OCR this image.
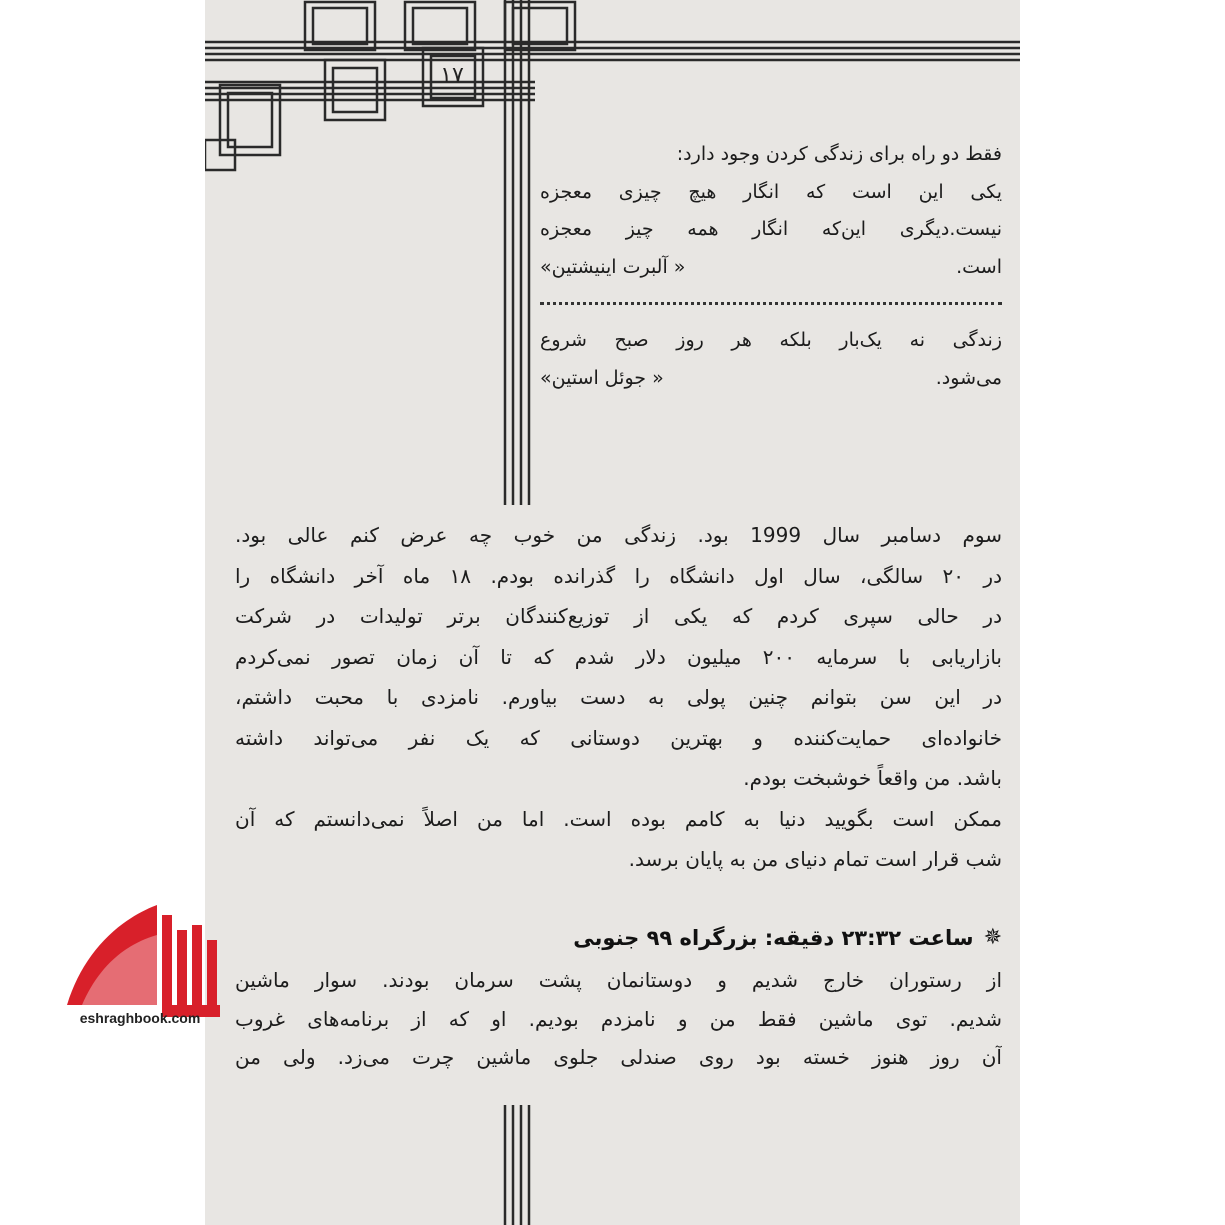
۱۷
فقط دو راه برای زندگی کردن وجود دارد:
یکی این است که انگار هیچ چیزی معجزه
نیست.دیگری این‌که انگار همه چیز معجزه
است.
« آلبرت اینیشتین»
زندگی نه یک‌بار بلکه هر روز صبح شروع
می‌شود.
« جوئل استین»
سوم دسامبر سال 1999 بود. زندگی من خوب چه عرض کنم عالی بود.
در ۲۰ سالگی، سال اول دانشگاه را گذرانده بودم. ۱۸ ماه آخر دانشگاه را
در حالی سپری کردم که یکی از توزیع‌کنندگان برتر تولیدات در شرکت
بازاریابی با سرمایه ۲۰۰ میلیون دلار شدم که تا آن زمان تصور نمی‌کردم
در این سن بتوانم چنین پولی به دست بیاورم. نامزدی با محبت داشتم،
خانواده‌ای حمایت‌کننده و بهترین دوستانی که یک نفر می‌تواند داشته
باشد. من واقعاً خوشبخت بودم.
ممکن است بگویید دنیا به کامم بوده است. اما من اصلاً نمی‌دانستم که آن
شب قرار است تمام دنیای من به پایان برسد.
✵
ساعت ۲۳:۳۲ دقیقه: بزرگراه ۹۹ جنوبی
از رستوران خارج شدیم و دوستانمان پشت سرمان بودند. سوار ماشین
شدیم. توی ماشین فقط من و نامزدم بودیم. او که از برنامه‌های غروب
آن روز هنوز خسته بود روی صندلی جلوی ماشین چرت می‌زد. ولی من
eshraghbook.com
